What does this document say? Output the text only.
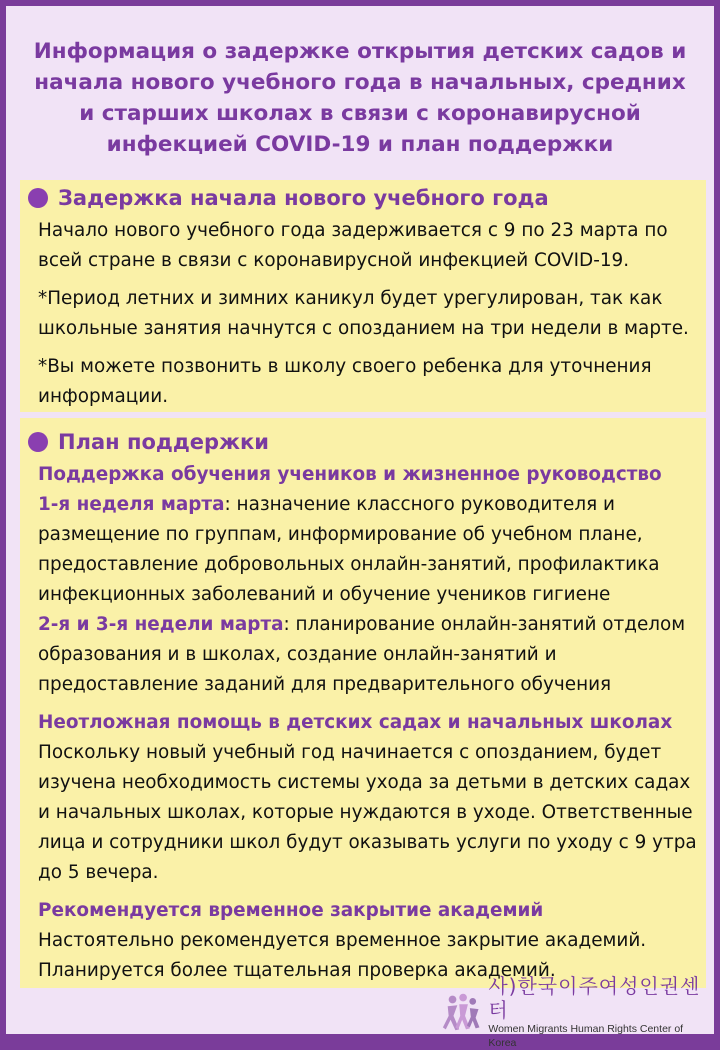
Информация о задержке открытия детских садов и начала нового учебного года в начальных, средних и старших школах в связи с коронавирусной инфекцией COVID-19 и план поддержки
Задержка начала нового учебного года

Начало нового учебного года задерживается с 9 по 23 марта по всей стране в связи с коронавирусной инфекцией COVID-19.

*Период летних и зимних каникул будет урегулирован, так как школьные занятия начнутся с опозданием на три недели в марте.

*Вы можете позвонить в школу своего ребенка для уточнения информации.

План поддержки

Поддержка обучения учеников и жизненное руководство

1-я неделя марта: назначение классного руководителя и размещение по группам, информирование об учебном плане, предоставление добровольных онлайн-занятий, профилактика инфекционных заболеваний и обучение учеников гигиене
2-я и 3-я недели марта: планирование онлайн-занятий отделом образования и в школах, создание онлайн-занятий и предоставление заданий для предварительного обучения

Неотложная помощь в детских садах и начальных школах

Поскольку новый учебный год начинается с опозданием, будет изучена необходимость системы ухода за детьми в детских садах и начальных школах, которые нуждаются в уходе. Ответственные лица и сотрудники школ будут оказывать услуги по уходу с 9 утра до 5 вечера.

Рекомендуется временное закрытие академий

Настоятельно рекомендуется временное закрытие академий. Планируется более тщательная проверка академий.

사)한국이주여성인권센터
Women Migrants Human Rights Center of Korea
